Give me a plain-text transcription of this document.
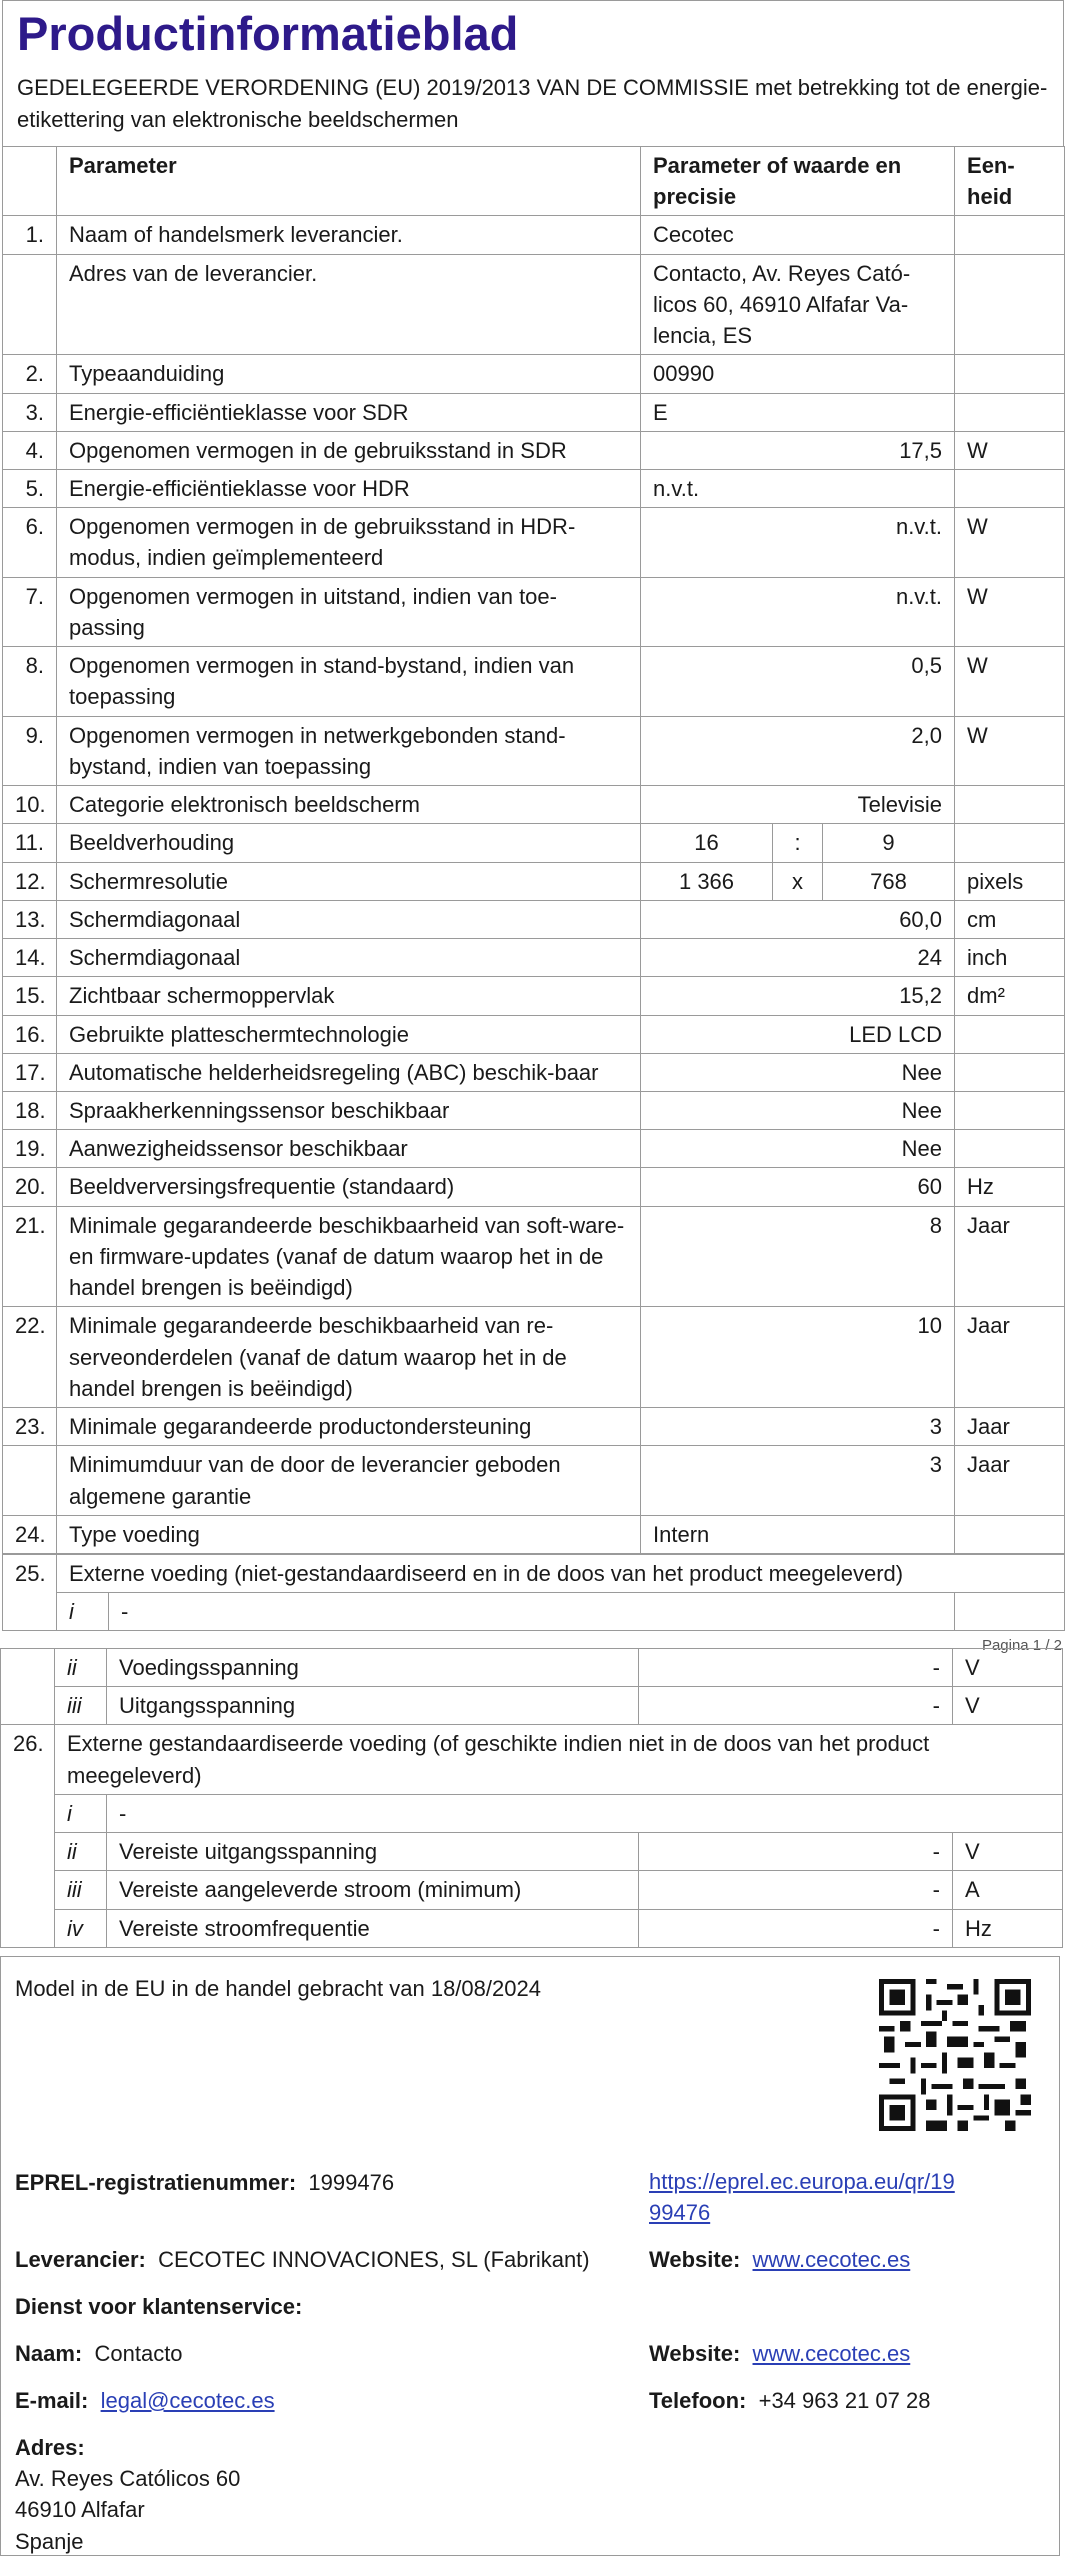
Productinformatieblad
GEDELEGEERDE VERORDENING (EU) 2019/2013 VAN DE COMMISSIE met betrekking tot de energie-etikettering van elektronische beeldschermen
	Parameter	Parameter of waarde en precisie			Een-heid
1.	Naam of handelsmerk leverancier.	Cecotec			
	Adres van de leverancier.	Contacto, Av. Reyes Cató-licos 60, 46910 Alfafar Va-lencia, ES			
2.	Typeaanduiding	00990			
3.	Energie-efficiëntieklasse voor SDR	E			
4.	Opgenomen vermogen in de gebruiksstand in SDR	17,5			W
5.	Energie-efficiëntieklasse voor HDR	n.v.t.			
6.	Opgenomen vermogen in de gebruiksstand in HDR-modus, indien geïmplementeerd	n.v.t.			W
7.	Opgenomen vermogen in uitstand, indien van toe-passing	n.v.t.			W
8.	Opgenomen vermogen in stand-bystand, indien van toepassing	0,5			W
9.	Opgenomen vermogen in netwerkgebonden stand-bystand, indien van toepassing	2,0			W
10.	Categorie elektronisch beeldscherm	Televisie			
11.	Beeldverhouding	16	:	9	
12.	Schermresolutie	1 366	x	768	pixels
13.	Schermdiagonaal	60,0			cm
14.	Schermdiagonaal	24			inch
15.	Zichtbaar schermoppervlak	15,2			dm²
16.	Gebruikte platteschermtechnologie	LED LCD			
17.	Automatische helderheidsregeling (ABC) beschik-baar	Nee			
18.	Spraakherkenningssensor beschikbaar	Nee			
19.	Aanwezigheidssensor beschikbaar	Nee			
20.	Beeldverversingsfrequentie (standaard)	60			Hz
21.	Minimale gegarandeerde beschikbaarheid van soft-ware- en firmware-updates (vanaf de datum waarop het in de handel brengen is beëindigd)	8			Jaar
22.	Minimale gegarandeerde beschikbaarheid van re-serveonderdelen (vanaf de datum waarop het in de handel brengen is beëindigd)	10			Jaar
23.	Minimale gegarandeerde productondersteuning	3			Jaar
	Minimumduur van de door de leverancier geboden algemene garantie	3			Jaar
24.	Type voeding	Intern			
25.	Externe voeding (niet-gestandaardiseerd en in de doos van het product meegeleverd)		
	i	-	
Pagina 1 / 2
	ii	Voedingsspanning	-	V
	iii	Uitgangsspanning	-	V
26.	Externe gestandaardiseerde voeding (of geschikte indien niet in de doos van het product meegeleverd)			
	i	-		
	ii	Vereiste uitgangsspanning	-	V
	iii	Vereiste aangeleverde stroom (minimum)	-	A
	iv	Vereiste stroomfrequentie	-	Hz
Model in de EU in de handel gebracht van 18/08/2024
EPREL-registratienummer: 1999476	https://eprel.ec.europa.eu/qr/19
99476
Leverancier: CECOTEC INNOVACIONES, SL (Fabrikant)	Website: www.cecotec.es
Dienst voor klantenservice:
Naam: Contacto	Website: www.cecotec.es
E-mail: legal@cecotec.es	Telefoon: +34 963 21 07 28
Adres:
Av. Reyes Católicos 60
46910 Alfafar
Spanje
